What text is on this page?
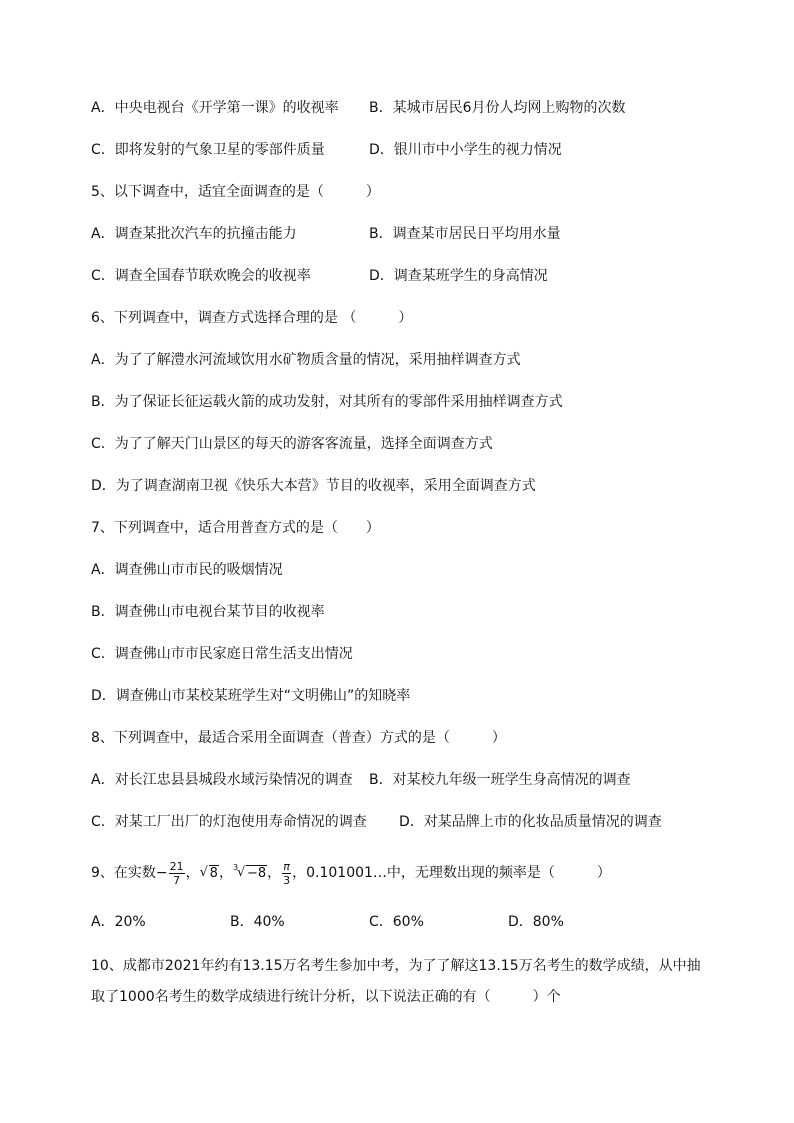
A．中央电视台《开学第一课》的收视率 B．某城市居民6月份人均网上购物的次数
C．即将发射的气象卫星的零部件质量	D．银川市中小学生的视力情况
5、以下调查中，适宜全面调查的是（　　　）
A．调查某批次汽车的抗撞击能力	B．调查某市居民日平均用水量
C．调查全国春节联欢晚会的收视率	D．调查某班学生的身高情况
6、下列调查中，调查方式选择合理的是 （　　　）
A．为了了解澧水河流域饮用水矿物质含量的情况，采用抽样调查方式
B．为了保证长征运载火箭的成功发射，对其所有的零部件采用抽样调查方式
C．为了了解天门山景区的每天的游客客流量，选择全面调查方式
D．为了调查湖南卫视《快乐大本营》节目的收视率，采用全面调查方式
7、下列调查中，适合用普查方式的是（　　）
A．调查佛山市市民的吸烟情况
B．调查佛山市电视台某节目的收视率
C．调查佛山市市民家庭日常生活支出情况
D．调查佛山市某校某班学生对“文明佛山”的知晓率
8、下列调查中，最适合采用全面调查（普查）方式的是（　　　）
A．对长江忠县县城段水域污染情况的调查 B．对某校九年级一班学生身高情况的调查
C．对某工厂出厂的灯泡使用寿命情况的调查 D．对某品牌上市的化妆品质量情况的调查
9、在实数− $\frac{21}{7}$ ， √ 8， 3
√ −8， $\frac{\pi}{3}$ ，0.101001…中，无理数出现的频率是（　　　）
A．20%	B．40%	C．60%	D．80%
10、成都市2021年约有13.15万名考生参加中考，为了了解这13.15万名考生的数学成绩，从中抽
取了1000名考生的数学成绩进行统计分析，以下说法正确的有（　　　）个
